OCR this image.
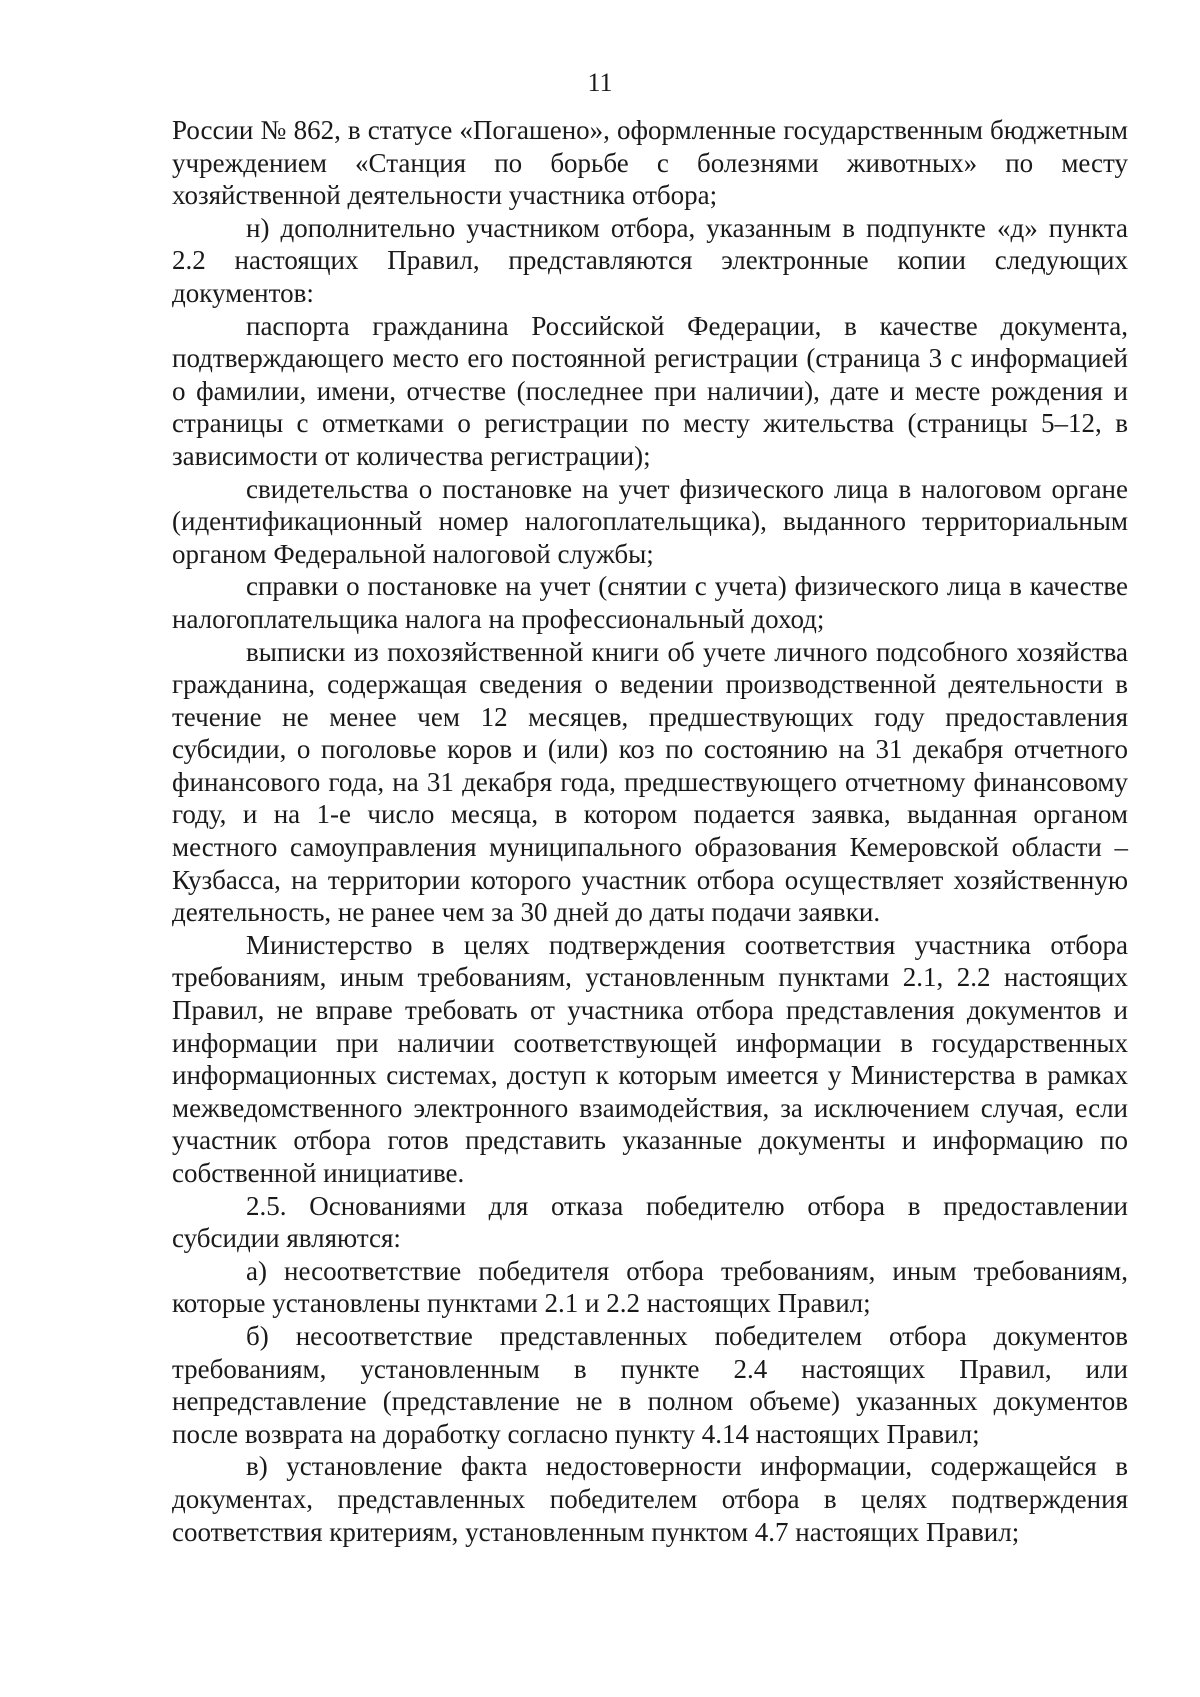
11

России № 862, в статусе «Погашено», оформленные государственным бюджетным учреждением «Станция по борьбе с болезнями животных» по месту хозяйственной деятельности участника отбора;

н) дополнительно участником отбора, указанным в подпункте «д» пункта 2.2 настоящих Правил, представляются электронные копии следующих документов:

паспорта гражданина Российской Федерации, в качестве документа, подтверждающего место его постоянной регистрации (страница 3 с информацией о фамилии, имени, отчестве (последнее при наличии), дате и месте рождения и страницы с отметками о регистрации по месту жительства (страницы 5–12, в зависимости от количества регистрации);

свидетельства о постановке на учет физического лица в налоговом органе (идентификационный номер налогоплательщика), выданного территориальным органом Федеральной налоговой службы;

справки о постановке на учет (снятии с учета) физического лица в качестве налогоплательщика налога на профессиональный доход;

выписки из похозяйственной книги об учете личного подсобного хозяйства гражданина, содержащая сведения о ведении производственной деятельности в течение не менее чем 12 месяцев, предшествующих году предоставления субсидии, о поголовье коров и (или) коз по состоянию на 31 декабря отчетного финансового года, на 31 декабря года, предшествующего отчетному финансовому году, и на 1-е число месяца, в котором подается заявка, выданная органом местного самоуправления муниципального образования Кемеровской области – Кузбасса, на территории которого участник отбора осуществляет хозяйственную деятельность, не ранее чем за 30 дней до даты подачи заявки.

Министерство в целях подтверждения соответствия участника отбора требованиям, иным требованиям, установленным пунктами 2.1, 2.2 настоящих Правил, не вправе требовать от участника отбора представления документов и информации при наличии соответствующей информации в государственных информационных системах, доступ к которым имеется у Министерства в рамках межведомственного электронного взаимодействия, за исключением случая, если участник отбора готов представить указанные документы и информацию по собственной инициативе.

2.5. Основаниями для отказа победителю отбора в предоставлении субсидии являются:

а) несоответствие победителя отбора требованиям, иным требованиям, которые установлены пунктами 2.1 и 2.2 настоящих Правил;

б) несоответствие представленных победителем отбора документов требованиям, установленным в пункте 2.4 настоящих Правил, или непредставление (представление не в полном объеме) указанных документов после возврата на доработку согласно пункту 4.14 настоящих Правил;

в) установление факта недостоверности информации, содержащейся в документах, представленных победителем отбора в целях подтверждения соответствия критериям, установленным пунктом 4.7 настоящих Правил;
